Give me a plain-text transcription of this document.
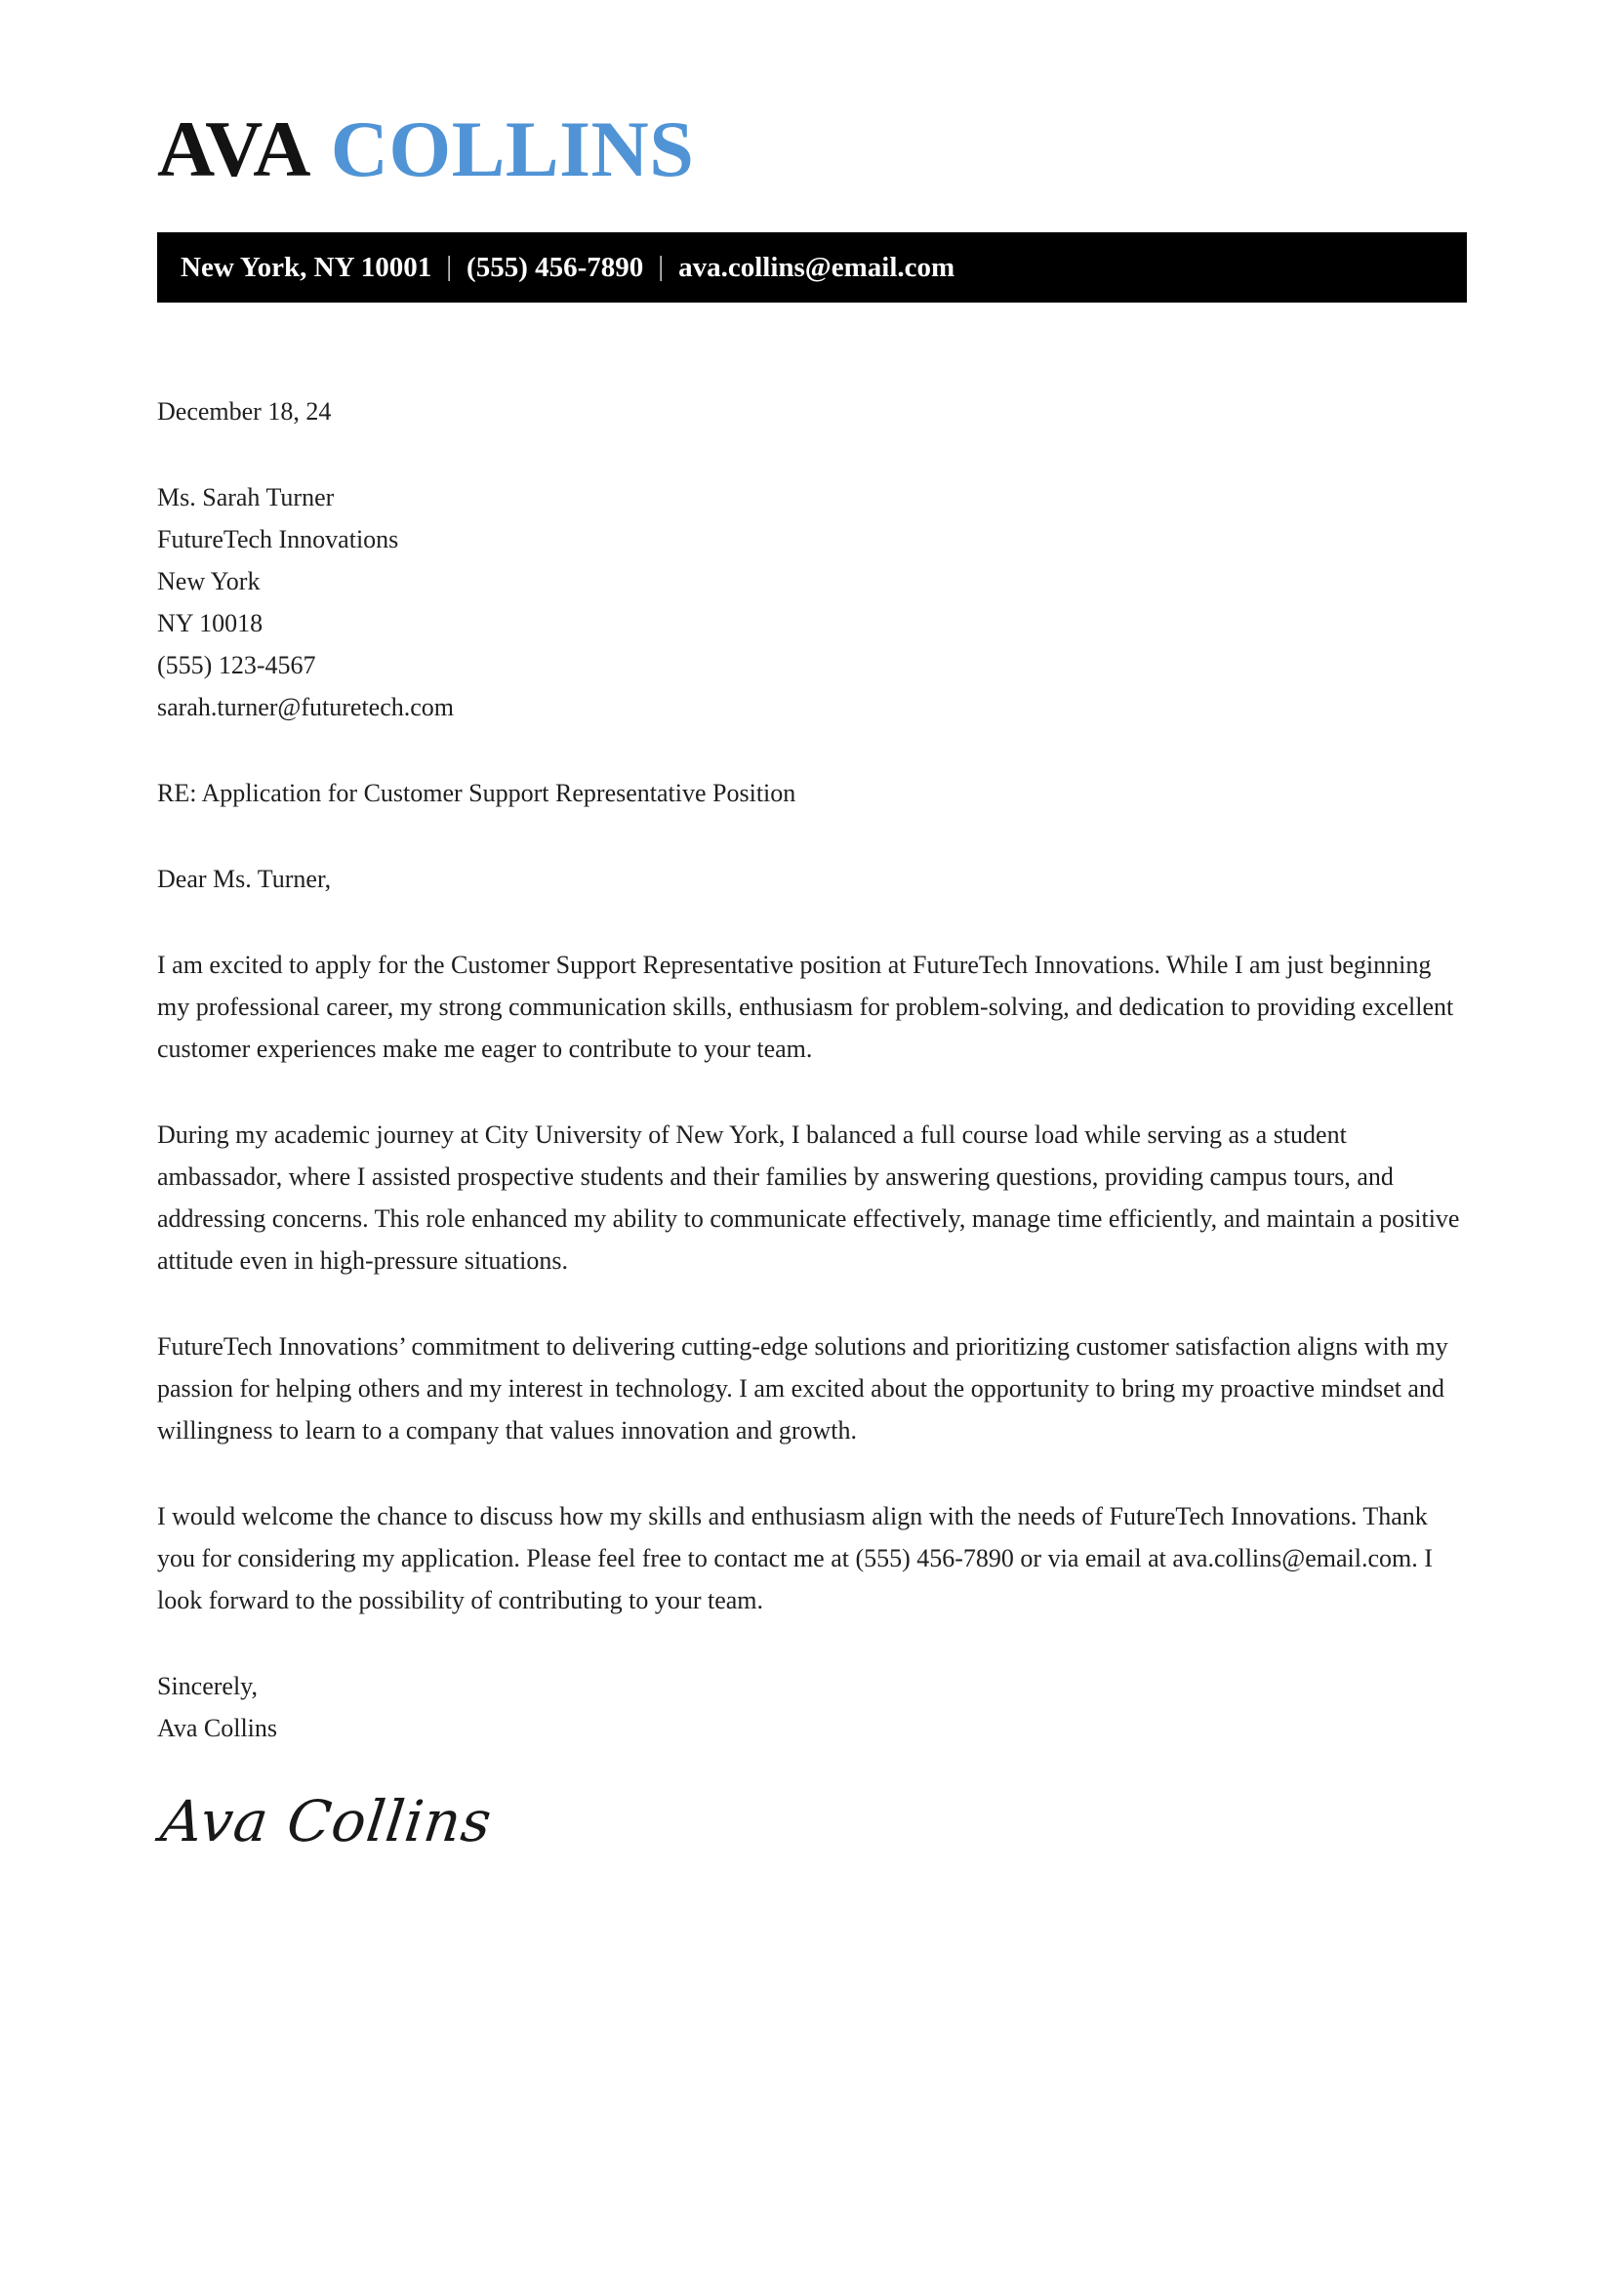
AVA COLLINS
New York, NY 10001 | (555) 456-7890 | ava.collins@email.com
December 18, 24
Ms. Sarah Turner
FutureTech Innovations
New York
NY 10018
(555) 123-4567
sarah.turner@futuretech.com
RE: Application for Customer Support Representative Position
Dear Ms. Turner,

I am excited to apply for the Customer Support Representative position at FutureTech Innovations. While I am just beginning my professional career, my strong communication skills, enthusiasm for problem-solving, and dedication to providing excellent customer experiences make me eager to contribute to your team.

During my academic journey at City University of New York, I balanced a full course load while serving as a student ambassador, where I assisted prospective students and their families by answering questions, providing campus tours, and addressing concerns. This role enhanced my ability to communicate effectively, manage time efficiently, and maintain a positive attitude even in high-pressure situations.

FutureTech Innovations’ commitment to delivering cutting-edge solutions and prioritizing customer satisfaction aligns with my passion for helping others and my interest in technology. I am excited about the opportunity to bring my proactive mindset and willingness to learn to a company that values innovation and growth.

I would welcome the chance to discuss how my skills and enthusiasm align with the needs of FutureTech Innovations. Thank you for considering my application. Please feel free to contact me at (555) 456-7890 or via email at ava.collins@email.com. I look forward to the possibility of contributing to your team.

Sincerely,
Ava Collins
Ava Collins
